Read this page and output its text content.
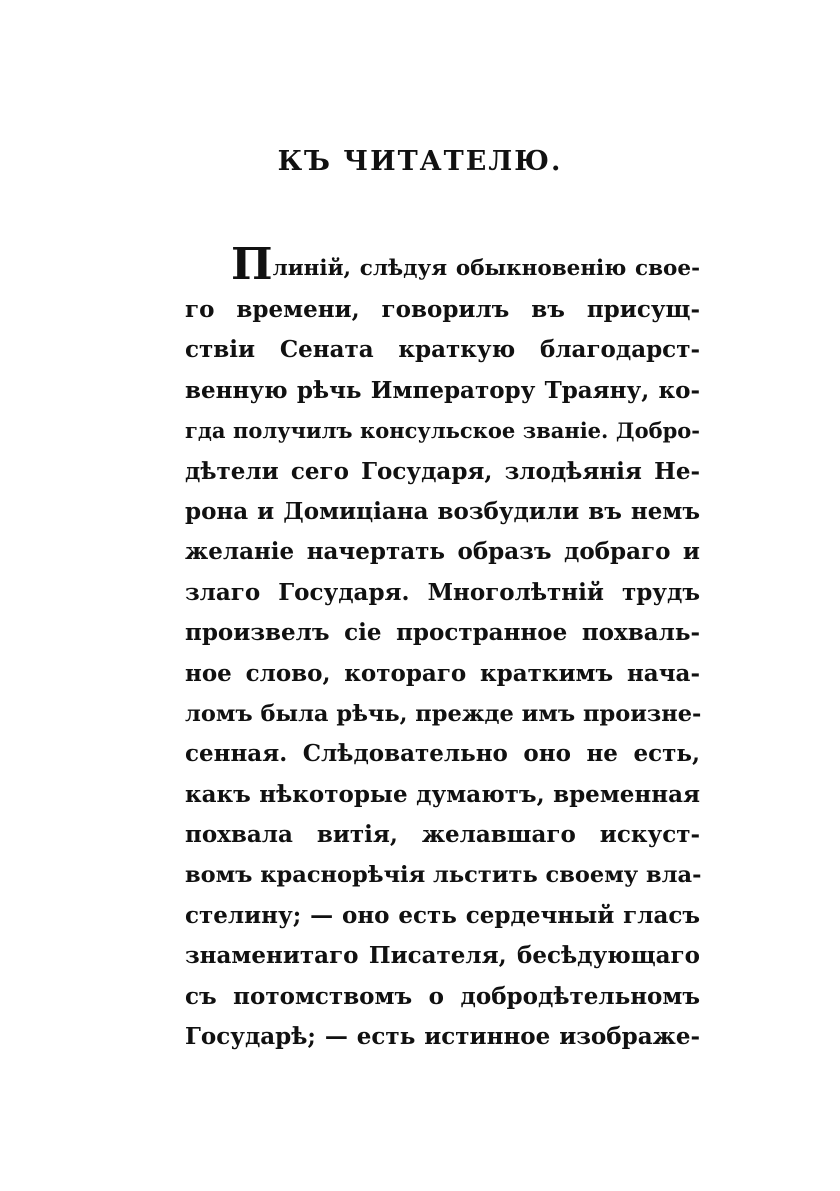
КЪ ЧИТАТЕЛЮ.
Плиній, слѣдуя обыкновенію свое-
го времени, говорилъ въ присущ-
ствіи Сената краткую благодарст-
венную рѣчь Императору Траяну, ко-
гда получилъ консульское званіе. Добро-
дѣтели сего Государя, злодѣянія Не-
рона и Домиціана возбудили въ немъ
желаніе начертать образъ добраго и
злаго Государя. Многолѣтній трудъ
произвелъ сіе пространное похваль-
ное слово, котораго краткимъ нача-
ломъ была рѣчь, прежде имъ произне-
сенная. Слѣдовательно оно не есть,
какъ нѣкоторые думаютъ, временная
похвала витія, желавшаго искуст-
вомъ краснорѣчія льстить своему вла-
стелину; — оно есть сердечный гласъ
знаменитаго Писателя, бесѣдующаго
съ потомствомъ о добродѣтельномъ
Государѣ; — есть истинное изображе-
